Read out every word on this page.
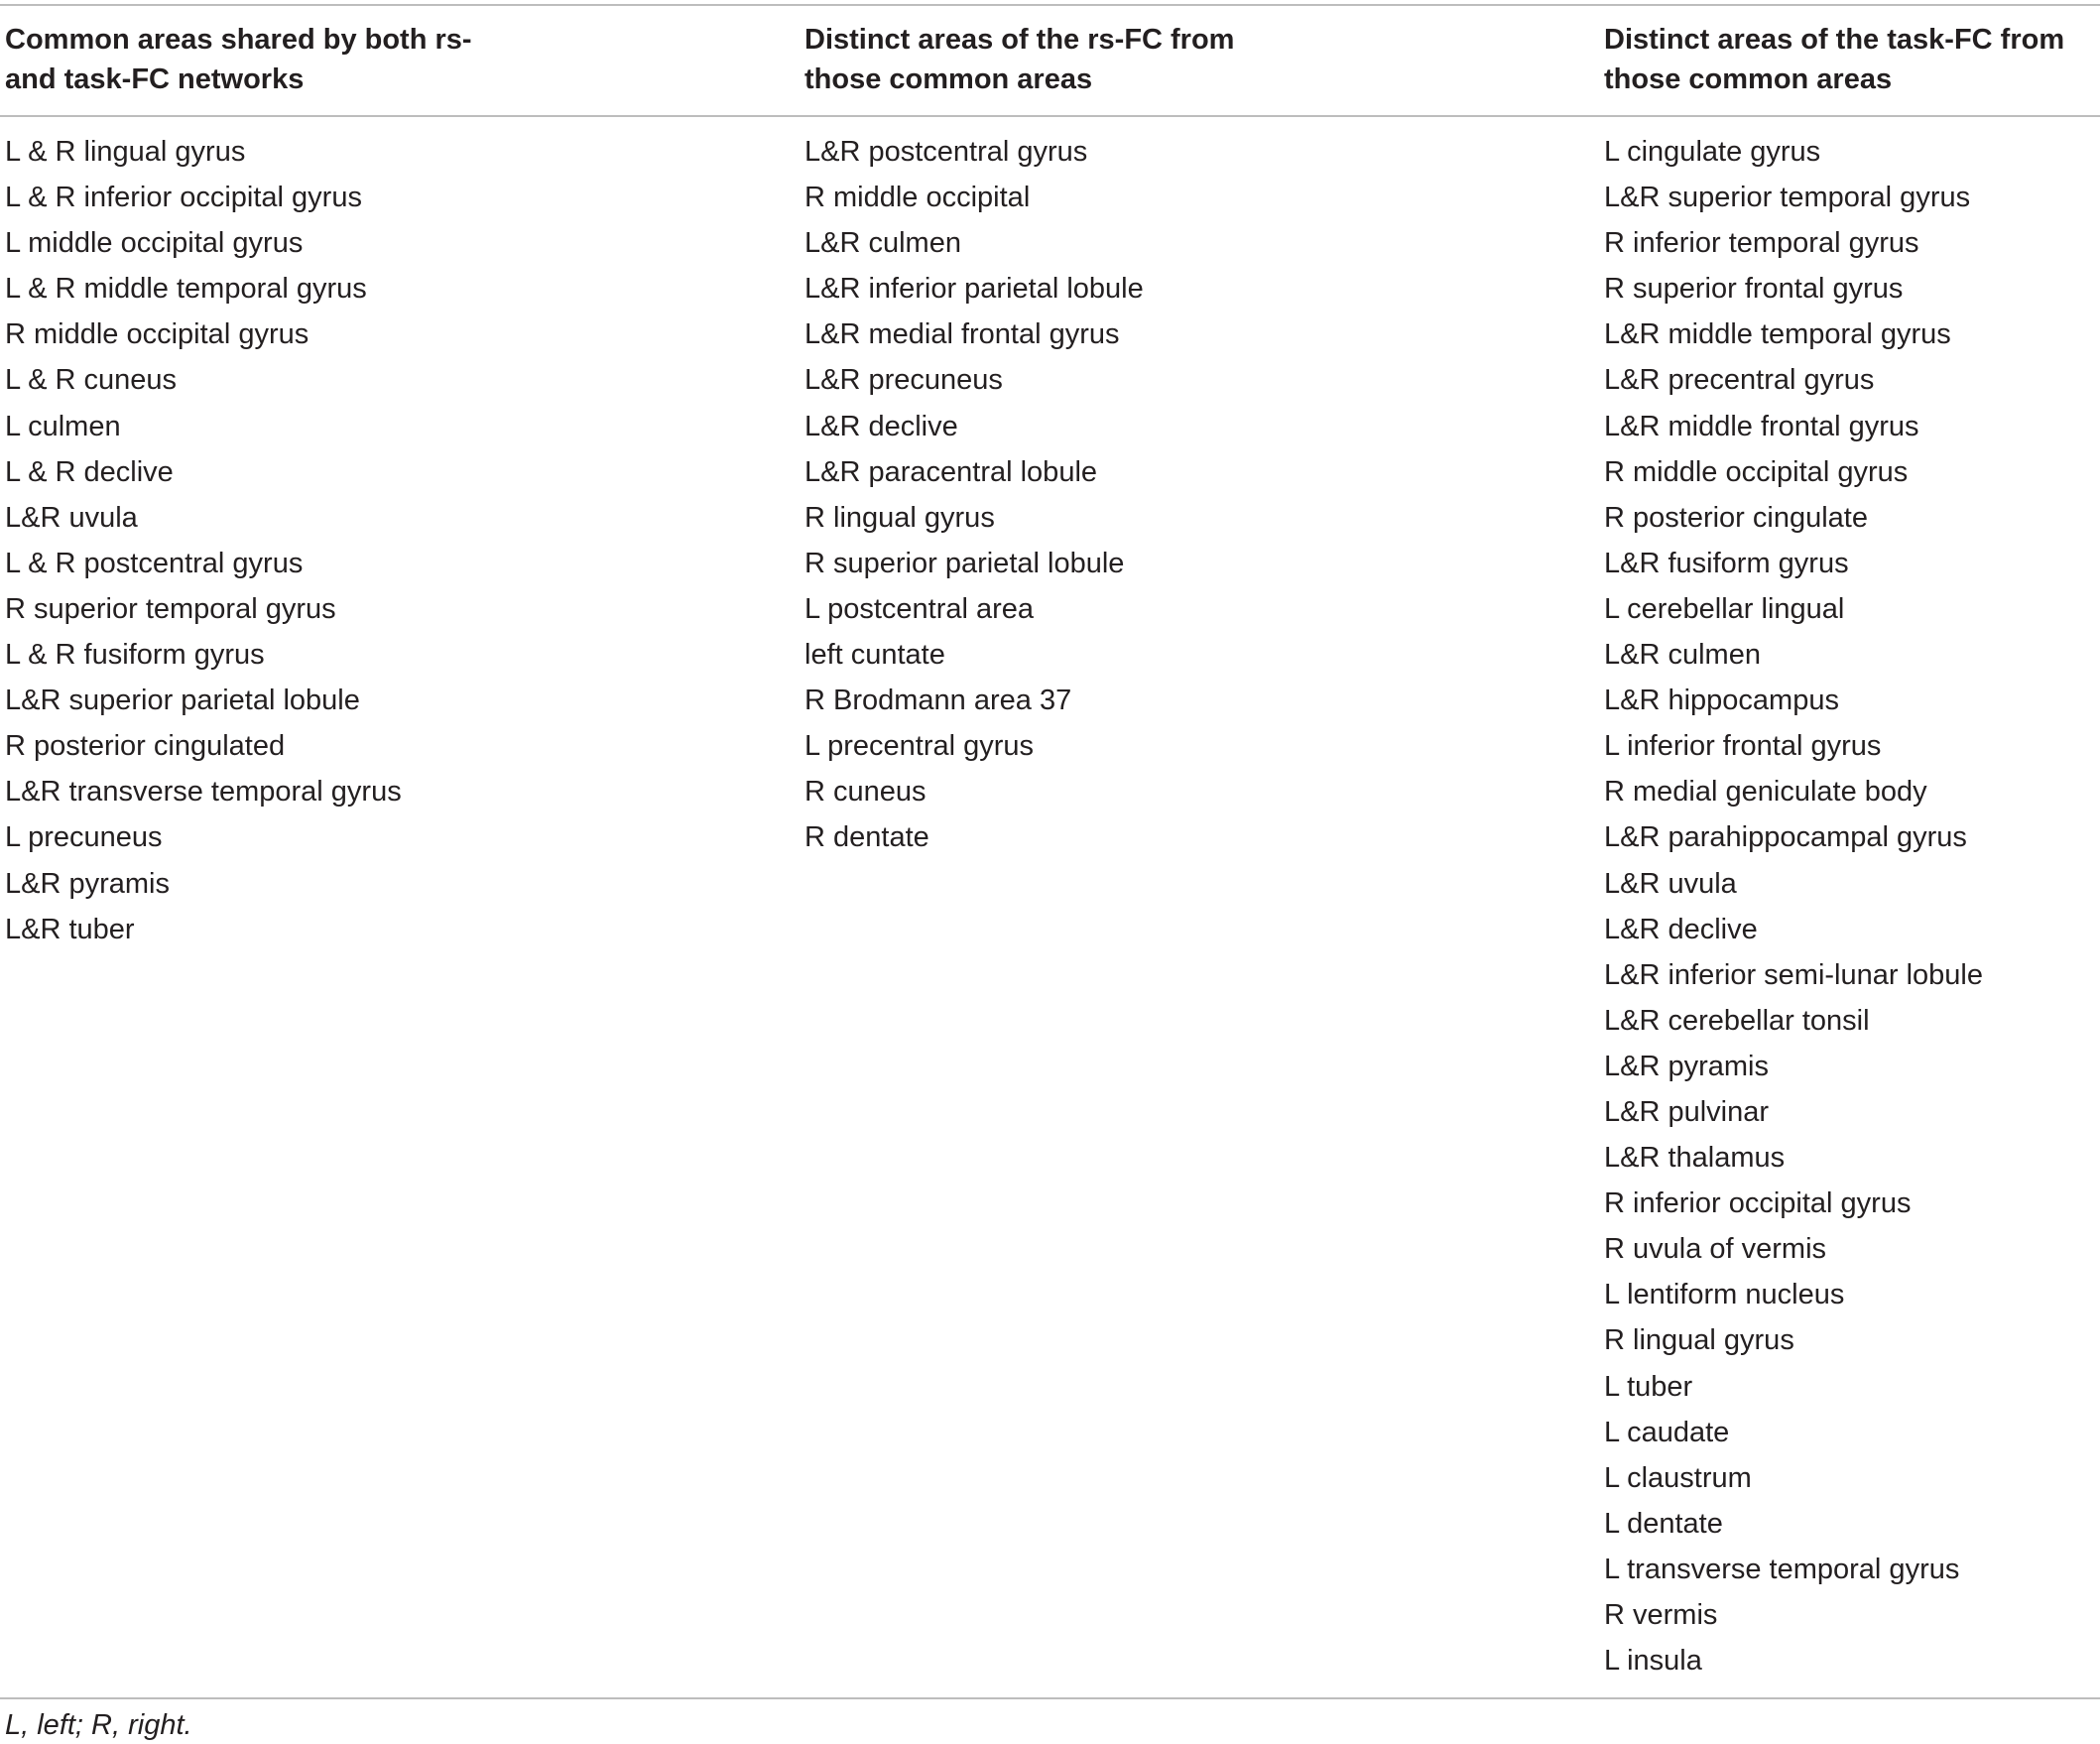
Common areas shared by both rs-
and task-FC networks
Distinct areas of the rs-FC from
those common areas
Distinct areas of the task-FC from
those common areas
L & R lingual gyrus
L & R inferior occipital gyrus
L middle occipital gyrus
L & R middle temporal gyrus
R middle occipital gyrus
L & R cuneus
L culmen
L & R declive
L&R uvula
L & R postcentral gyrus
R superior temporal gyrus
L & R fusiform gyrus
L&R superior parietal lobule
R posterior cingulated
L&R transverse temporal gyrus
L precuneus
L&R pyramis
L&R tuber
L&R postcentral gyrus
R middle occipital
L&R culmen
L&R inferior parietal lobule
L&R medial frontal gyrus
L&R precuneus
L&R declive
L&R paracentral lobule
R lingual gyrus
R superior parietal lobule
L postcentral area
left cuntate
R Brodmann area 37
L precentral gyrus
R cuneus
R dentate
L cingulate gyrus
L&R superior temporal gyrus
R inferior temporal gyrus
R superior frontal gyrus
L&R middle temporal gyrus
L&R precentral gyrus
L&R middle frontal gyrus
R middle occipital gyrus
R posterior cingulate
L&R fusiform gyrus
L cerebellar lingual
L&R culmen
L&R hippocampus
L inferior frontal gyrus
R medial geniculate body
L&R parahippocampal gyrus
L&R uvula
L&R declive
L&R inferior semi-lunar lobule
L&R cerebellar tonsil
L&R pyramis
L&R pulvinar
L&R thalamus
R inferior occipital gyrus
R uvula of vermis
L lentiform nucleus
R lingual gyrus
L tuber
L caudate
L claustrum
L dentate
L transverse temporal gyrus
R vermis
L insula
L, left; R, right.
